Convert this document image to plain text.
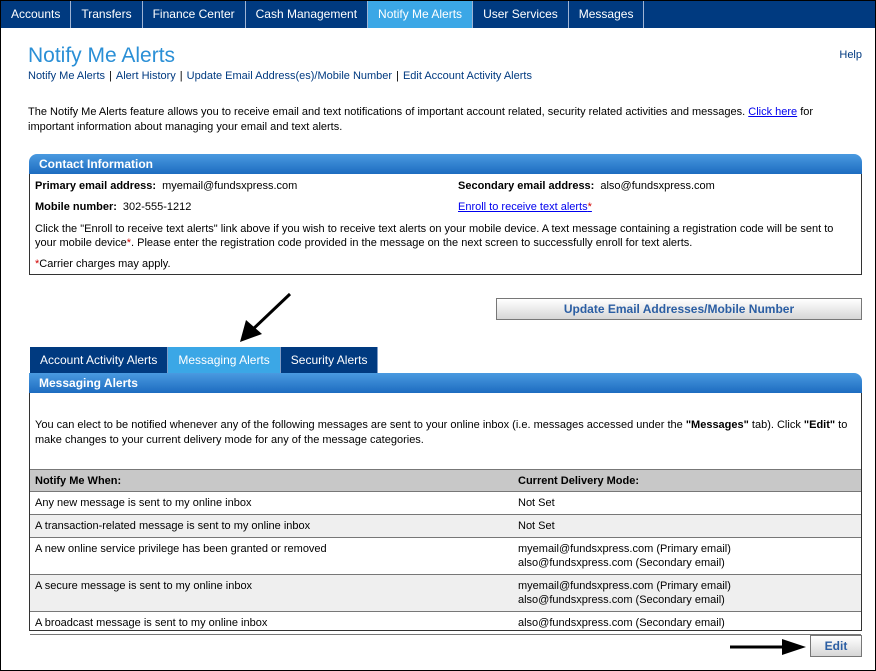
Accounts	Transfers	Finance Center	Cash Management	Notify Me Alerts	User Services	Messages
Notify Me Alerts	Help
Notify Me Alerts | Alert History | Update Email Address(es)/Mobile Number | Edit Account Activity Alerts
The Notify Me Alerts feature allows you to receive email and text notifications of important account related, security related activities and messages. Click here for important information about managing your email and text alerts.
Contact Information
Primary email address: myemail@fundsxpress.com	Secondary email address: also@fundsxpress.com
Mobile number: 302-555-1212	Enroll to receive text alerts*
Click the "Enroll to receive text alerts" link above if you wish to receive text alerts on your mobile device. A text message containing a registration code will be sent to your mobile device*. Please enter the registration code provided in the message on the next screen to successfully enroll for text alerts.
*Carrier charges may apply.
Update Email Addresses/Mobile Number
Account Activity Alerts	Messaging Alerts	Security Alerts
Messaging Alerts
You can elect to be notified whenever any of the following messages are sent to your online inbox (i.e. messages accessed under the "Messages" tab). Click "Edit" to make changes to your current delivery mode for any of the message categories.
Notify Me When:	Current Delivery Mode:
Any new message is sent to my online inbox	Not Set
A transaction-related message is sent to my online inbox	Not Set
A new online service privilege has been granted or removed	myemail@fundsxpress.com (Primary email)
also@fundsxpress.com (Secondary email)
A secure message is sent to my online inbox	myemail@fundsxpress.com (Primary email)
also@fundsxpress.com (Secondary email)
A broadcast message is sent to my online inbox	also@fundsxpress.com (Secondary email)
Edit
